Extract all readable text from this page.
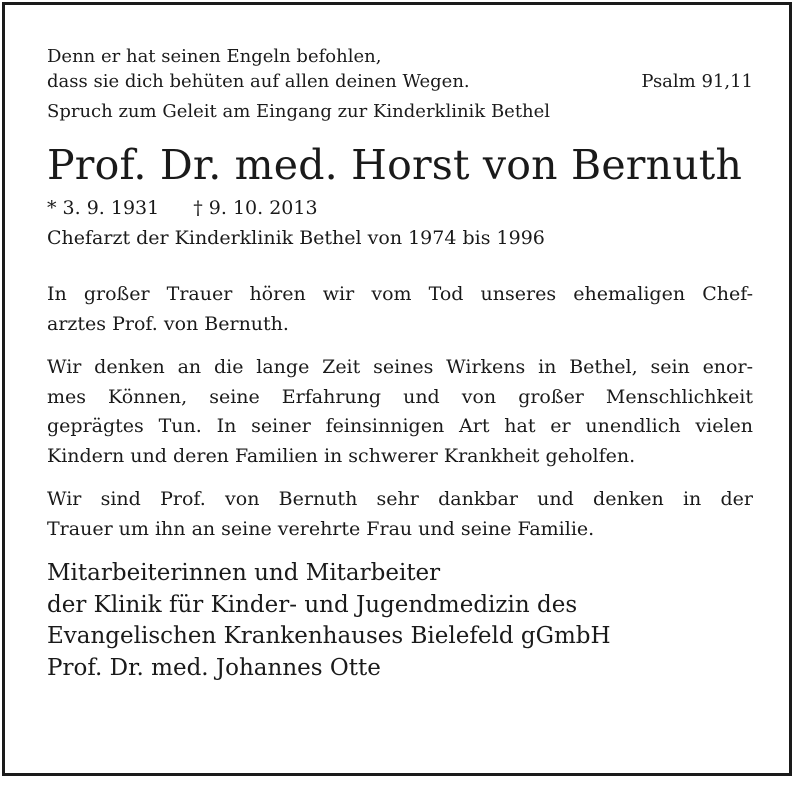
Denn er hat seinen Engeln befohlen,
dass sie dich behüten auf allen deinen Wegen.	Psalm 91,11
Spruch zum Geleit am Eingang zur Kinderklinik Bethel
Prof. Dr. med. Horst von Bernuth
* 3. 9. 1931 † 9. 10. 2013
Chefarzt der Kinderklinik Bethel von 1974 bis 1996
In großer Trauer hören wir vom Tod unseres ehemaligen Chef-
arztes Prof. von Bernuth.
Wir denken an die lange Zeit seines Wirkens in Bethel, sein enor-
mes Können, seine Erfahrung und von großer Menschlichkeit
geprägtes Tun. In seiner feinsinnigen Art hat er unendlich vielen
Kindern und deren Familien in schwerer Krankheit geholfen.
Wir sind Prof. von Bernuth sehr dankbar und denken in der
Trauer um ihn an seine verehrte Frau und seine Familie.
Mitarbeiterinnen und Mitarbeiter
der Klinik für Kinder- und Jugendmedizin des
Evangelischen Krankenhauses Bielefeld gGmbH
Prof. Dr. med. Johannes Otte
